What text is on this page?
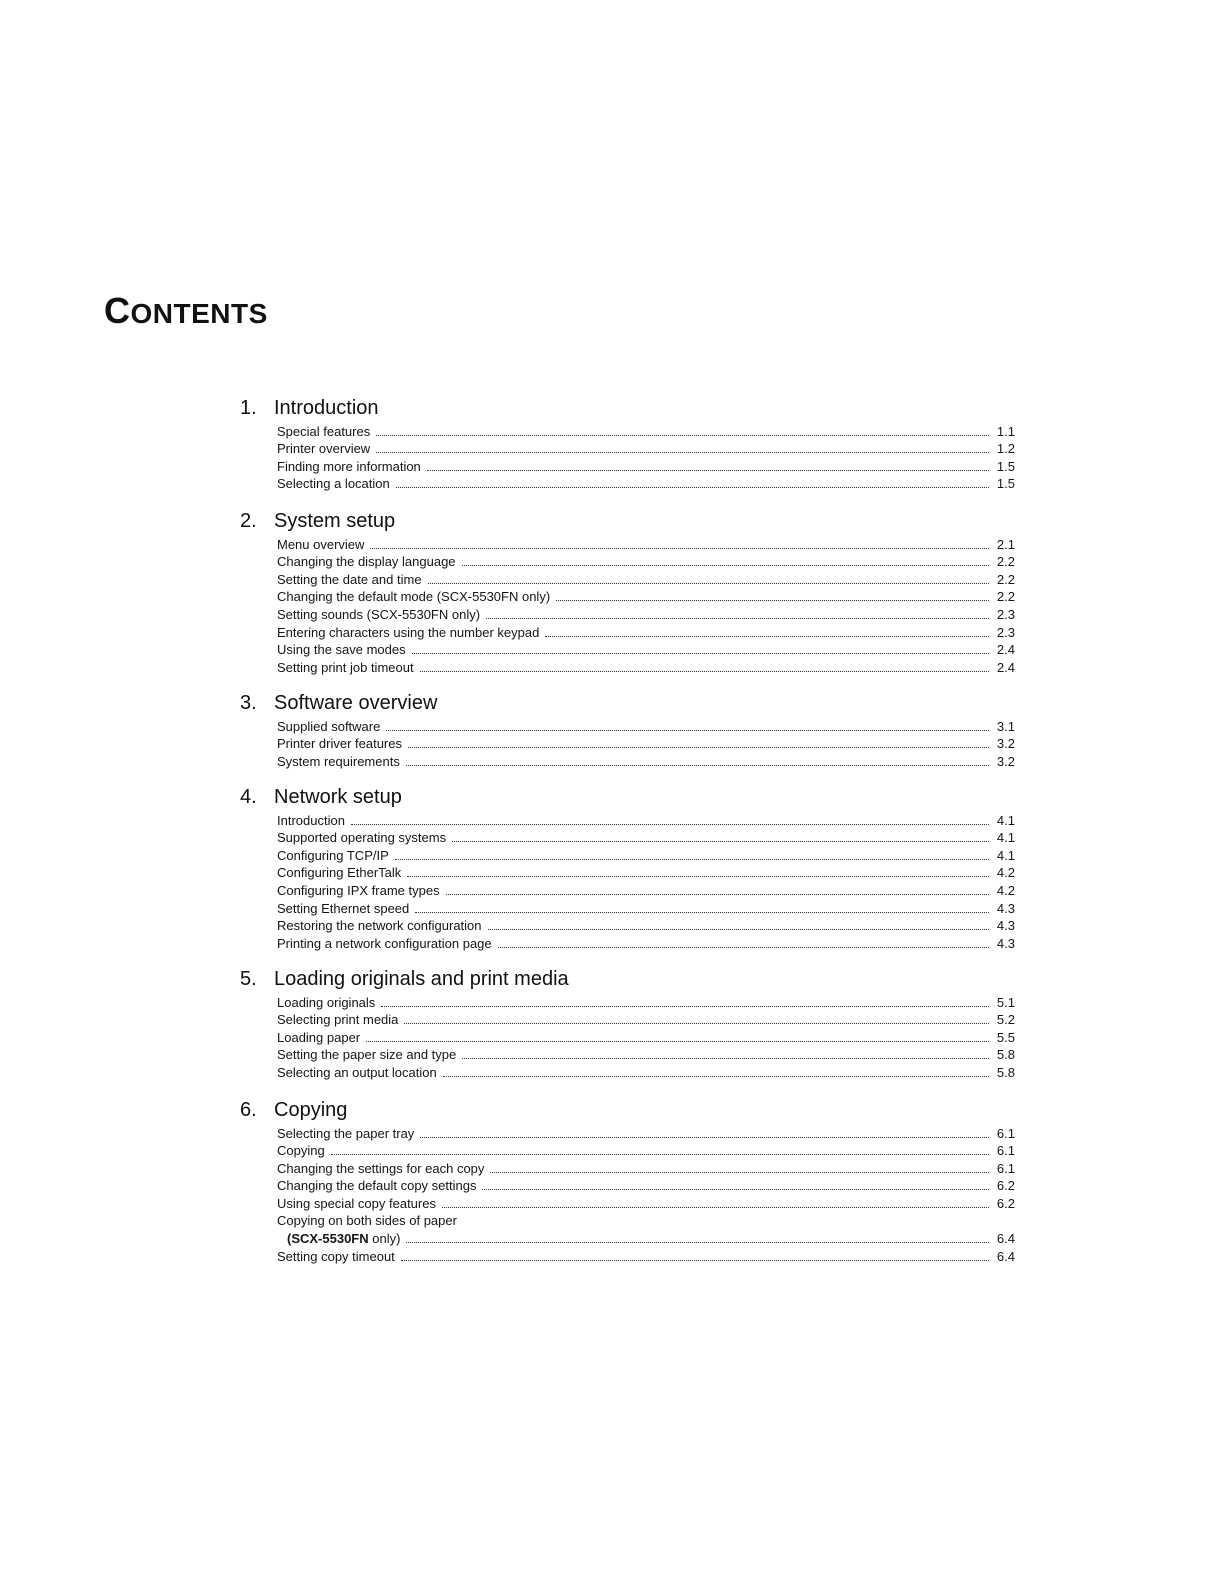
CONTENTS
1. Introduction
Special features	1.1
Printer overview	1.2
Finding more information	1.5
Selecting a location	1.5
2. System setup
Menu overview	2.1
Changing the display language	2.2
Setting the date and time	2.2
Changing the default mode (SCX-5530FN only)	2.2
Setting sounds (SCX-5530FN only)	2.3
Entering characters using the number keypad	2.3
Using the save modes	2.4
Setting print job timeout	2.4
3. Software overview
Supplied software	3.1
Printer driver features	3.2
System requirements	3.2
4. Network setup
Introduction	4.1
Supported operating systems	4.1
Configuring TCP/IP	4.1
Configuring EtherTalk	4.2
Configuring IPX frame types	4.2
Setting Ethernet speed	4.3
Restoring the network configuration	4.3
Printing a network configuration page	4.3
5. Loading originals and print media
Loading originals	5.1
Selecting print media	5.2
Loading paper	5.5
Setting the paper size and type	5.8
Selecting an output location	5.8
6. Copying
Selecting the paper tray	6.1
Copying	6.1
Changing the settings for each copy	6.1
Changing the default copy settings	6.2
Using special copy features	6.2
Copying on both sides of paper
(SCX-5530FN only)	6.4
Setting copy timeout	6.4
